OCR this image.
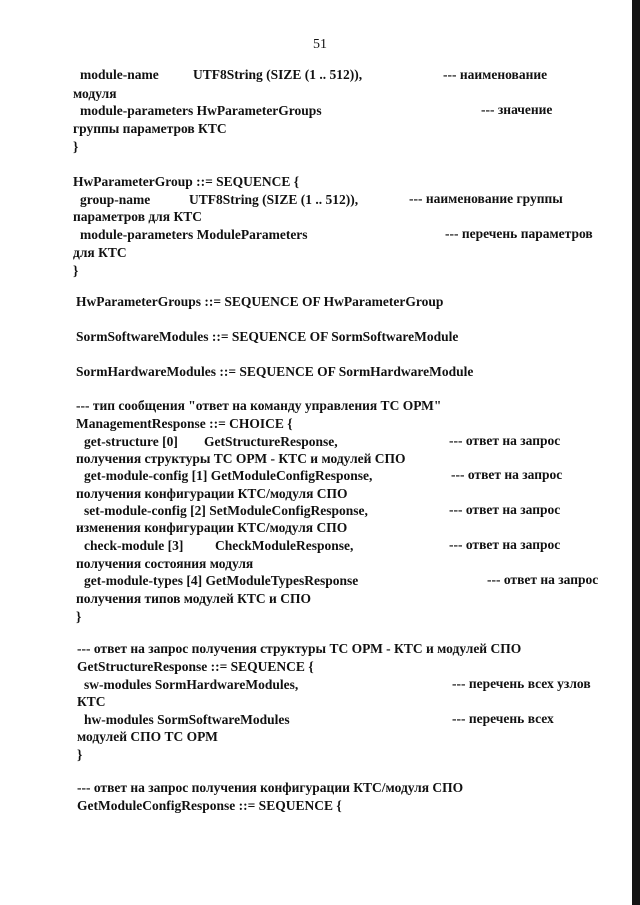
51
module-name	UTF8String (SIZE (1 .. 512)),	--- наименование
модуля
module-parameters HwParameterGroups	--- значение
группы параметров КТС
}
HwParameterGroup ::= SEQUENCE {
group-name	UTF8String (SIZE (1 .. 512)),	--- наименование группы
параметров для КТС
module-parameters ModuleParameters	--- перечень параметров
для КТС
}
HwParameterGroups ::= SEQUENCE OF HwParameterGroup
SormSoftwareModules ::= SEQUENCE OF SormSoftwareModule
SormHardwareModules ::= SEQUENCE OF SormHardwareModule
--- тип сообщения "ответ на команду управления ТС ОРМ"
ManagementResponse ::= CHOICE {
get-structure [0] GetStructureResponse,	--- ответ на запрос
получения структуры ТС ОРМ - КТС и модулей СПО
get-module-config [1] GetModuleConfigResponse,	--- ответ на запрос
получения конфигурации КТС/модуля СПО
set-module-config [2] SetModuleConfigResponse,	--- ответ на запрос
изменения конфигурации КТС/модуля СПО
check-module [3] CheckModuleResponse,	--- ответ на запрос
получения состояния модуля
get-module-types [4] GetModuleTypesResponse	--- ответ на запрос
получения типов модулей КТС и СПО
}
--- ответ на запрос получения структуры ТС ОРМ - КТС и модулей СПО
GetStructureResponse ::= SEQUENCE {
sw-modules SormHardwareModules,	--- перечень всех узлов
КТС
hw-modules SormSoftwareModules	--- перечень всех
модулей СПО ТС ОРМ
}
--- ответ на запрос получения конфигурации КТС/модуля СПО
GetModuleConfigResponse ::= SEQUENCE {
